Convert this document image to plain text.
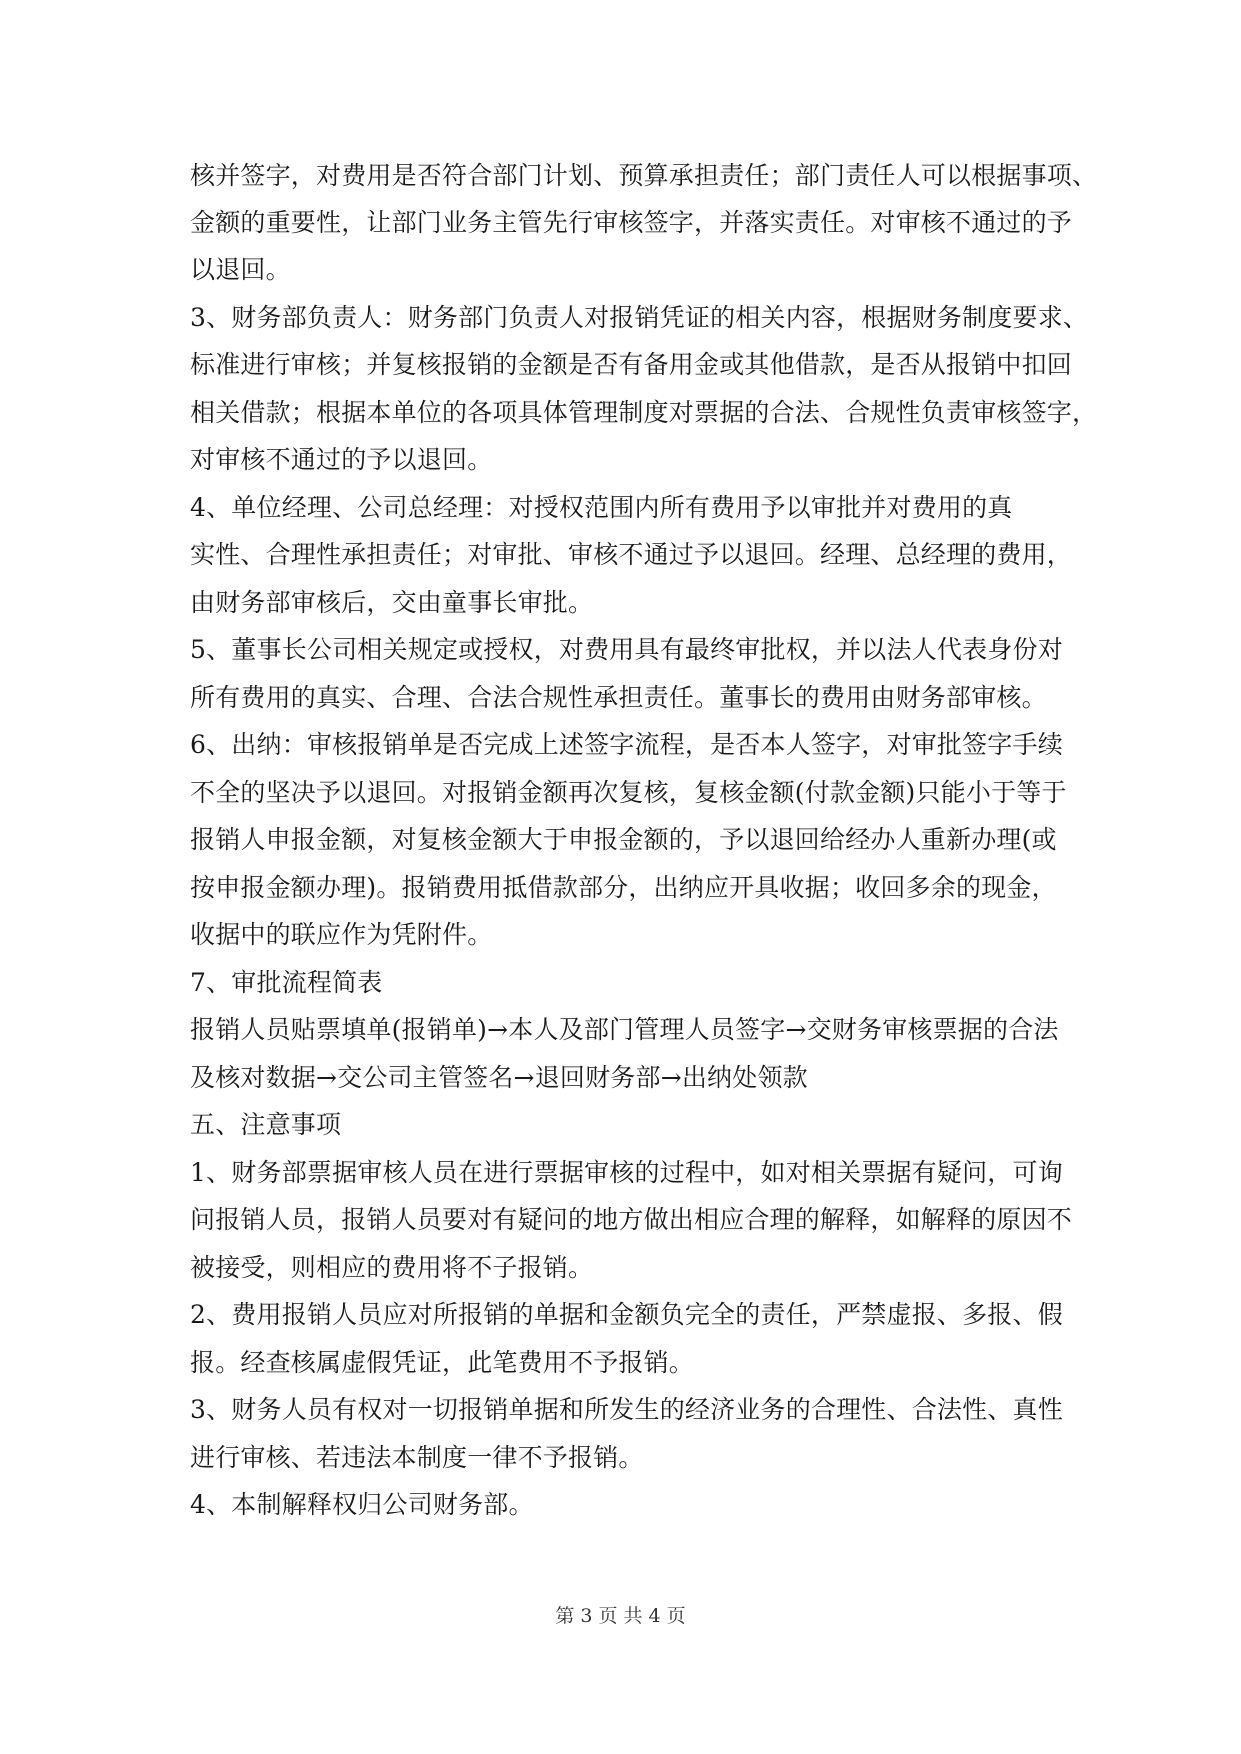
核并签字，对费用是否符合部门计划、预算承担责任；部门责任人可以根据事项、
金额的重要性，让部门业务主管先行审核签字，并落实责任。对审核不通过的予
以退回。
3、财务部负责人：财务部门负责人对报销凭证的相关内容，根据财务制度要求、
标准进行审核；并复核报销的金额是否有备用金或其他借款，是否从报销中扣回
相关借款；根据本单位的各项具体管理制度对票据的合法、合规性负责审核签字，
对审核不通过的予以退回。
4、单位经理、公司总经理：对授权范围内所有费用予以审批并对费用的真
实性、合理性承担责任；对审批、审核不通过予以退回。经理、总经理的费用，
由财务部审核后，交由童事长审批。
5、董事长公司相关规定或授权，对费用具有最终审批权，并以法人代表身份对
所有费用的真实、合理、合法合规性承担责任。董事长的费用由财务部审核。
6、出纳：审核报销单是否完成上述签字流程，是否本人签字，对审批签字手续
不全的坚决予以退回。对报销金额再次复核，复核金额(付款金额)只能小于等于
报销人申报金额，对复核金额大于申报金额的，予以退回给经办人重新办理(或
按申报金额办理)。报销费用抵借款部分，出纳应开具收据；收回多余的现金，
收据中的联应作为凭附件。
7、审批流程简表
报销人员贴票填单(报销单)→本人及部门管理人员签字→交财务审核票据的合法
及核对数据→交公司主管签名→退回财务部→出纳处领款
五、注意事项
1、财务部票据审核人员在进行票据审核的过程中，如对相关票据有疑问，可询
问报销人员，报销人员要对有疑问的地方做出相应合理的解释，如解释的原因不
被接受，则相应的费用将不子报销。
2、费用报销人员应对所报销的单据和金额负完全的责任，严禁虚报、多报、假
报。经查核属虚假凭证，此笔费用不予报销。
3、财务人员有权对一切报销单据和所发生的经济业务的合理性、合法性、真性
进行审核、若违法本制度一律不予报销。
4、本制解释权归公司财务部。
第 3 页 共 4 页
